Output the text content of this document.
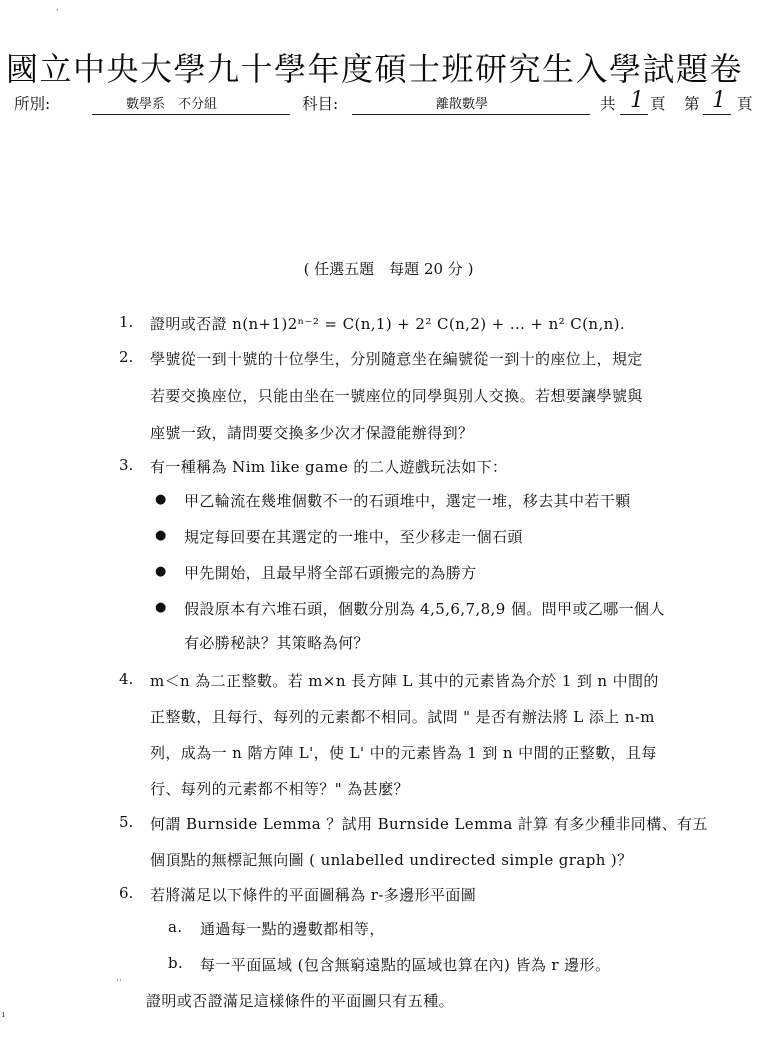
國立中央大學九十學年度碩士班研究生入學試題卷
所別:	數學系　不分組	科目:	離散數學	共 1 頁 第 1 頁
( 任選五題　每題 20 分 )
1. 證明或否證 n(n+1)2ⁿ⁻² = C(n,1) + 2² C(n,2) + ... + n² C(n,n).
2. 學號從一到十號的十位學生，分別隨意坐在編號從一到十的座位上，規定
若要交換座位，只能由坐在一號座位的同學與別人交換。若想要讓學號與
座號一致，請問要交換多少次才保證能辦得到？
3. 有一種稱為 Nim like game 的二人遊戲玩法如下：
● 甲乙輪流在幾堆個數不一的石頭堆中，選定一堆，移去其中若干顆
● 規定每回要在其選定的一堆中，至少移走一個石頭
● 甲先開始，且最早將全部石頭搬完的為勝方
● 假設原本有六堆石頭，個數分別為 4,5,6,7,8,9 個。問甲或乙哪一個人
有必勝秘訣？其策略為何？
4. m＜n 為二正整數。若 m×n 長方陣 L 其中的元素皆為介於 1 到 n 中間的
正整數，且每行、每列的元素都不相同。試問 " 是否有辦法將 L 添上 n-m
列，成為一 n 階方陣 L'，使 L' 中的元素皆為 1 到 n 中間的正整數，且每
行、每列的元素都不相等？" 為甚麼？
5. 何謂 Burnside Lemma ？試用 Burnside Lemma 計算 有多少種非同構、有五
個頂點的無標記無向圖 ( unlabelled undirected simple graph )？
6. 若將滿足以下條件的平面圖稱為 r-多邊形平面圖
a. 通過每一點的邊數都相等，
b. 每一平面區域 (包含無窮遠點的區域也算在內) 皆為 r 邊形。
證明或否證滿足這樣條件的平面圖只有五種。
·
ı
··
